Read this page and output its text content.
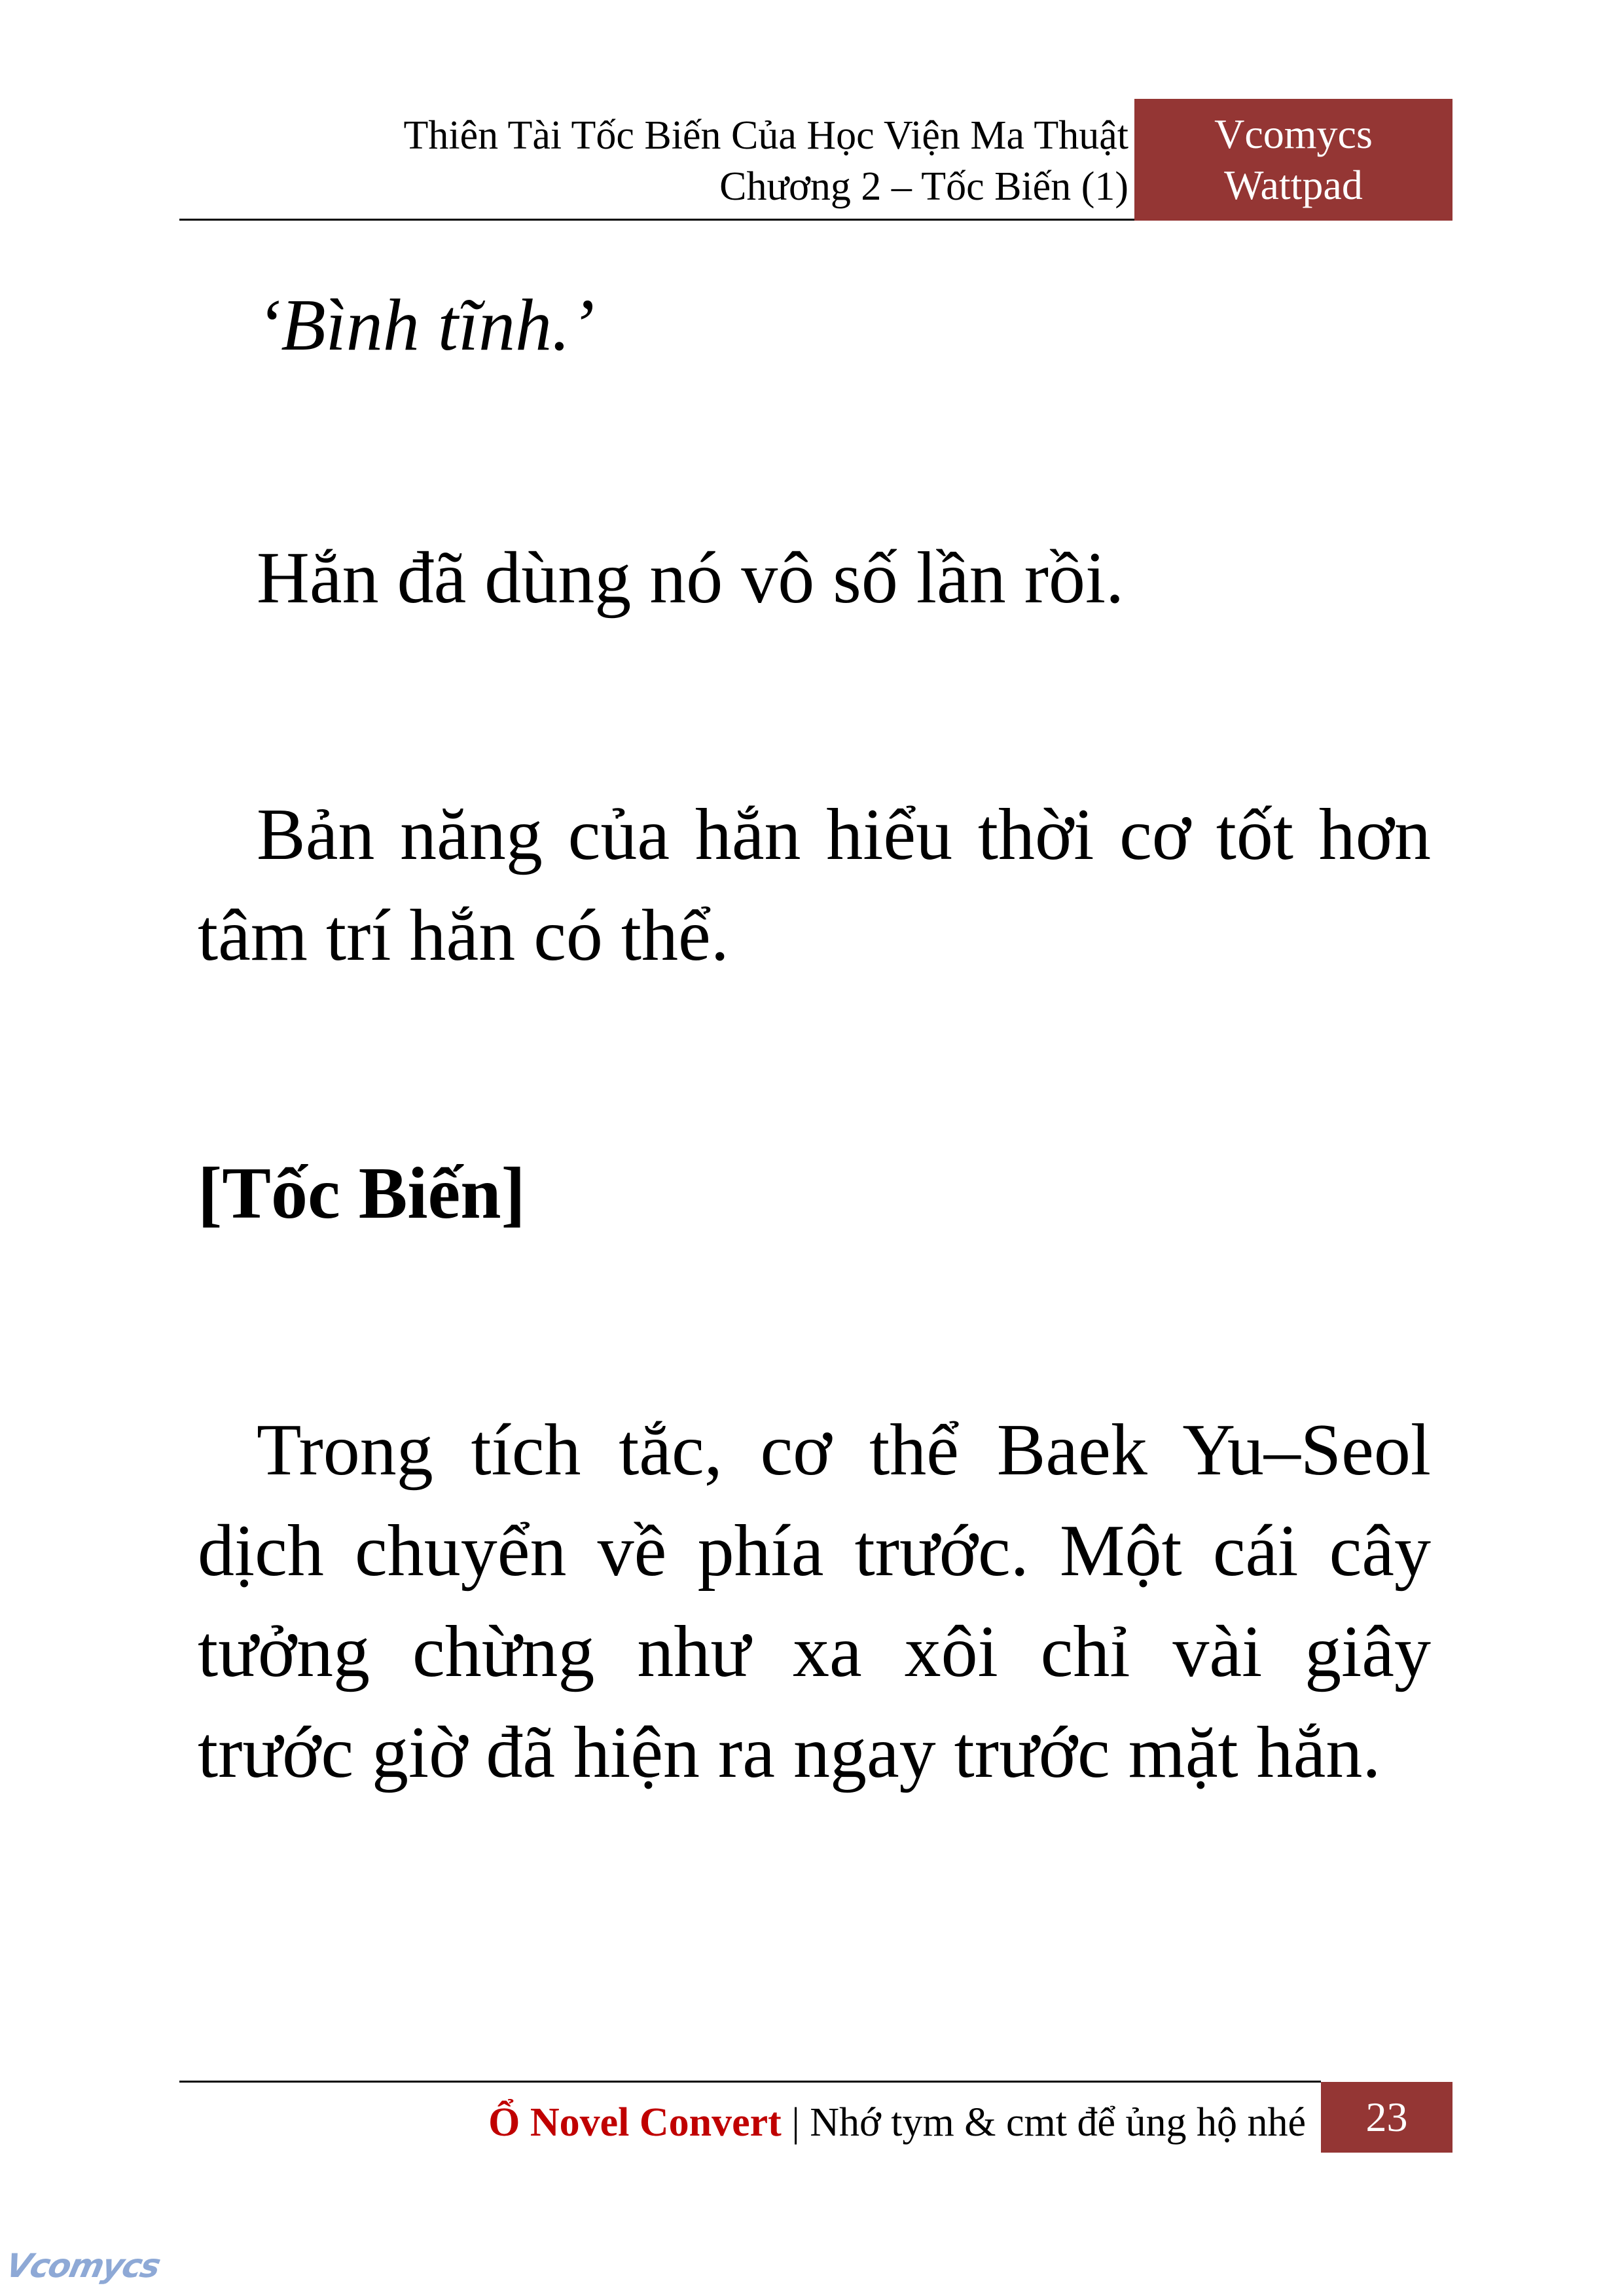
Thiên Tài Tốc Biến Của Học Viện Ma Thuật
Chương 2 – Tốc Biến (1)
Vcomycs
Wattpad

‘Bình tĩnh.’

Hắn đã dùng nó vô số lần rồi.

Bản năng của hắn hiểu thời cơ tốt hơn tâm trí hắn có thể.

[Tốc Biến]

Trong tích tắc, cơ thể Baek Yu–Seol dịch chuyển về phía trước. Một cái cây tưởng chừng như xa xôi chỉ vài giây trước giờ đã hiện ra ngay trước mặt hắn.

Ổ Novel Convert | Nhớ tym & cmt để ủng hộ nhé	23
Vcomycs
